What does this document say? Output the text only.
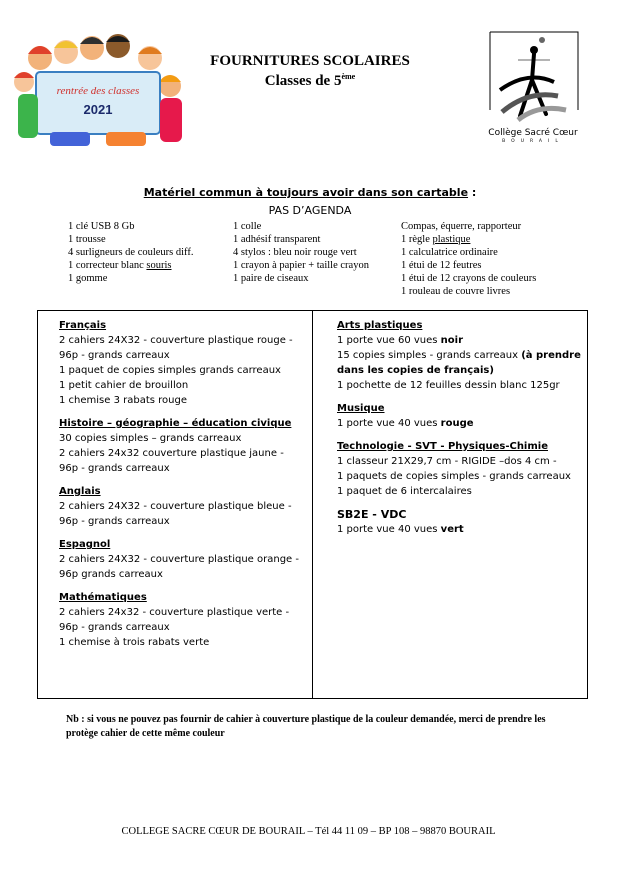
rentrée des classes
2021
FOURNITURES SCOLAIRES
Classes de 5ème
Collège Sacré Cœur
BOURAIL
Matériel commun à toujours avoir dans son cartable :
PAS D’AGENDA
1 clé USB 8 Gb
1 trousse
4 surligneurs de couleurs diff.
1 correcteur blanc souris
1 gomme
1 colle
1 adhésif transparent
4 stylos : bleu noir rouge vert
1 crayon à papier + taille crayon
1 paire de ciseaux
Compas, équerre, rapporteur
1 règle plastique
1 calculatrice ordinaire
1 étui de 12 feutres
1 étui de 12 crayons de couleurs
1 rouleau de couvre livres
Français
2 cahiers 24X32 - couverture plastique rouge -
96p - grands carreaux
1 paquet de copies simples grands carreaux
1 petit cahier de brouillon
1 chemise 3 rabats rouge
Histoire – géographie – éducation civique
30 copies simples – grands carreaux
2 cahiers 24x32 couverture plastique jaune -
96p - grands carreaux
Anglais
2 cahiers 24X32 - couverture plastique bleue -
96p - grands carreaux
Espagnol
2 cahiers 24X32 - couverture plastique orange -
96p grands carreaux
Mathématiques
2 cahiers 24x32 - couverture plastique verte -
96p - grands carreaux
1 chemise à trois rabats verte
Arts plastiques
1 porte vue 60 vues noir
15 copies simples - grands carreaux (à prendre
dans les copies de français)
1 pochette de 12 feuilles dessin blanc 125gr
Musique
1 porte vue 40 vues rouge
Technologie - SVT - Physiques-Chimie
1 classeur 21X29,7 cm - RIGIDE –dos 4 cm -
1 paquets de copies simples - grands carreaux
1 paquet de 6 intercalaires
SB2E - VDC
1 porte vue 40 vues vert
Nb : si vous ne pouvez pas fournir de cahier à couverture plastique de la couleur demandée, merci de prendre les protège cahier de cette même couleur
COLLEGE SACRE CŒUR DE BOURAIL – Tél 44 11 09 – BP 108 – 98870 BOURAIL
